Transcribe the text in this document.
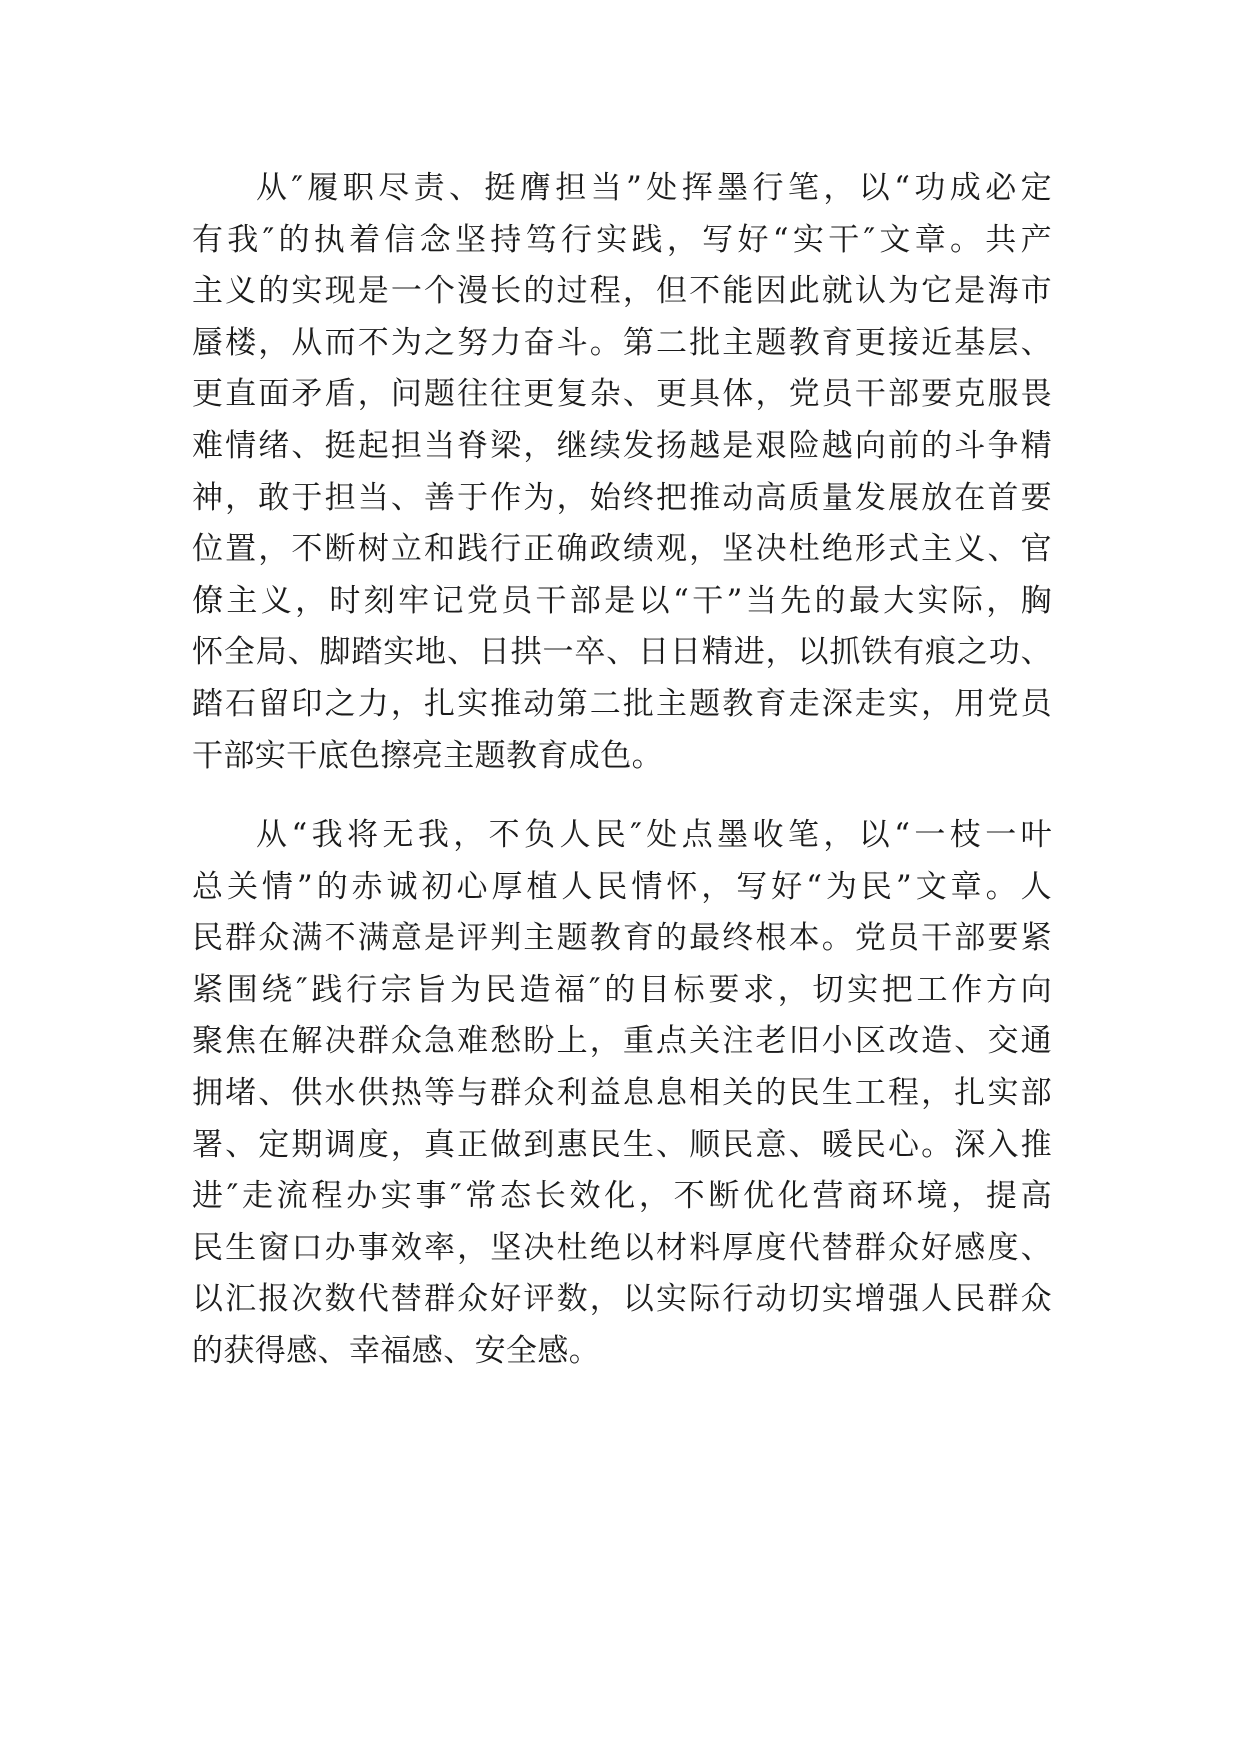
从″履职尽责、挺膺担当”处挥墨行笔，以“功成必定
有我″的执着信念坚持笃行实践，写好“实干″文章。共产
主义的实现是一个漫长的过程，但不能因此就认为它是海市
蜃楼，从而不为之努力奋斗。第二批主题教育更接近基层、
更直面矛盾，问题往往更复杂、更具体，党员干部要克服畏
难情绪、挺起担当脊梁，继续发扬越是艰险越向前的斗争精
神，敢于担当、善于作为，始终把推动高质量发展放在首要
位置，不断树立和践行正确政绩观，坚决杜绝形式主义、官
僚主义，时刻牢记党员干部是以“干”当先的最大实际，胸
怀全局、脚踏实地、日拱一卒、日日精进，以抓铁有痕之功、
踏石留印之力，扎实推动第二批主题教育走深走实，用党员
干部实干底色擦亮主题教育成色。
从“我将无我，不负人民″处点墨收笔，以“一枝一叶
总关情”的赤诚初心厚植人民情怀，写好“为民”文章。人
民群众满不满意是评判主题教育的最终根本。党员干部要紧
紧围绕″践行宗旨为民造福″的目标要求，切实把工作方向
聚焦在解决群众急难愁盼上，重点关注老旧小区改造、交通
拥堵、供水供热等与群众利益息息相关的民生工程，扎实部
署、定期调度，真正做到惠民生、顺民意、暖民心。深入推
进″走流程办实事″常态长效化，不断优化营商环境，提高
民生窗口办事效率，坚决杜绝以材料厚度代替群众好感度、
以汇报次数代替群众好评数，以实际行动切实增强人民群众
的获得感、幸福感、安全感。
